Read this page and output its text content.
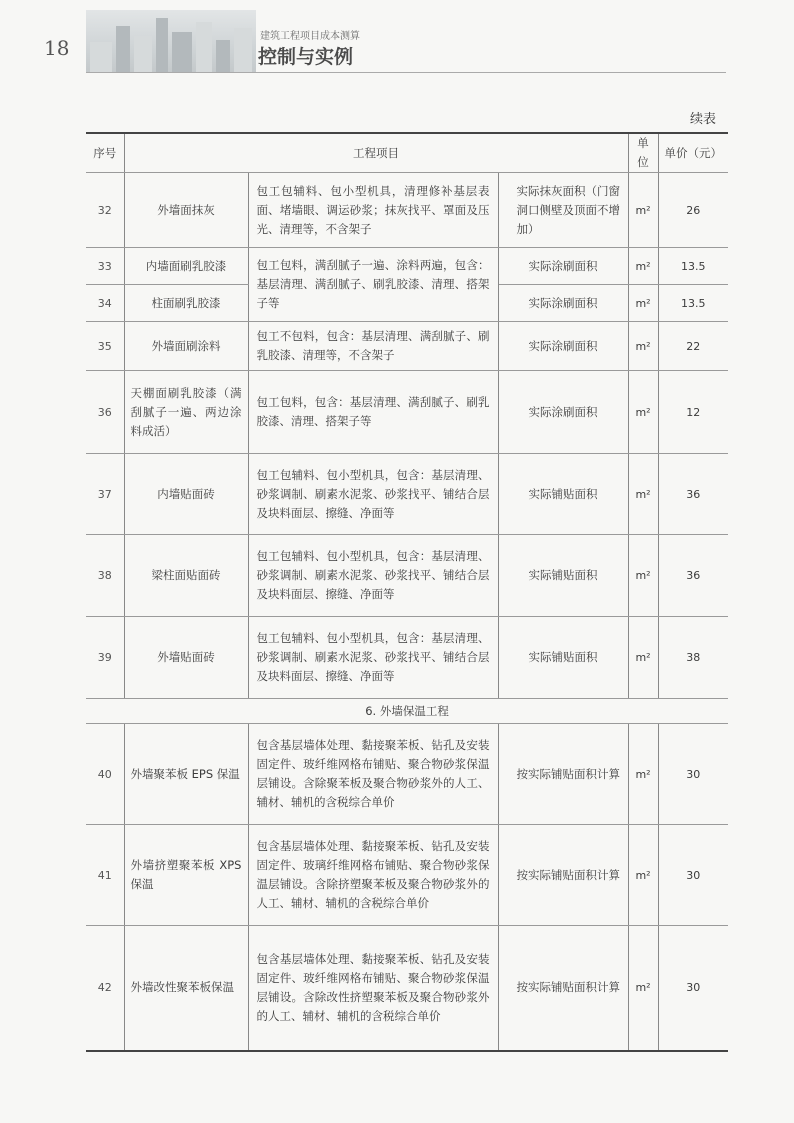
18	建筑工程项目成本测算
控制与实例
续表
序号	工程项目			单位	单价（元）
32	外墙面抹灰	包工包辅料、包小型机具，清理修补基层表面、堵墙眼、调运砂浆；抹灰找平、罩面及压光、清理等，不含架子	实际抹灰面积（门窗洞口侧壁及顶面不增加）	m²	26
33	内墙面刷乳胶漆	包工包料，满刮腻子一遍、涂料两遍，包含：基层清理、满刮腻子、刷乳胶漆、清理、搭架子等	实际涂刷面积	m²	13.5
34	柱面刷乳胶漆		实际涂刷面积	m²	13.5
35	外墙面刷涂料	包工不包料，包含：基层清理、满刮腻子、刷乳胶漆、清理等，不含架子	实际涂刷面积	m²	22
36	天棚面刷乳胶漆（满刮腻子一遍、两边涂料成活）	包工包料，包含：基层清理、满刮腻子、刷乳胶漆、清理、搭架子等	实际涂刷面积	m²	12
37	内墙贴面砖	包工包辅料、包小型机具，包含：基层清理、砂浆调制、刷素水泥浆、砂浆找平、铺结合层及块料面层、擦缝、净面等	实际铺贴面积	m²	36
38	梁柱面贴面砖	包工包辅料、包小型机具，包含：基层清理、砂浆调制、刷素水泥浆、砂浆找平、铺结合层及块料面层、擦缝、净面等	实际铺贴面积	m²	36
39	外墙贴面砖	包工包辅料、包小型机具，包含：基层清理、砂浆调制、刷素水泥浆、砂浆找平、铺结合层及块料面层、擦缝、净面等	实际铺贴面积	m²	38
6. 外墙保温工程					
40	外墙聚苯板 EPS 保温	包含基层墙体处理、黏接聚苯板、钻孔及安装固定件、玻纤维网格布铺贴、聚合物砂浆保温层铺设。含除聚苯板及聚合物砂浆外的人工、辅材、辅机的含税综合单价	按实际铺贴面积计算	m²	30
41	外墙挤塑聚苯板 XPS 保温	包含基层墙体处理、黏接聚苯板、钻孔及安装固定件、玻璃纤维网格布铺贴、聚合物砂浆保温层铺设。含除挤塑聚苯板及聚合物砂浆外的人工、辅材、辅机的含税综合单价	按实际铺贴面积计算	m²	30
42	外墙改性聚苯板保温	包含基层墙体处理、黏接聚苯板、钻孔及安装固定件、玻纤维网格布铺贴、聚合物砂浆保温层铺设。含除改性挤塑聚苯板及聚合物砂浆外的人工、辅材、辅机的含税综合单价	按实际铺贴面积计算	m²	30
